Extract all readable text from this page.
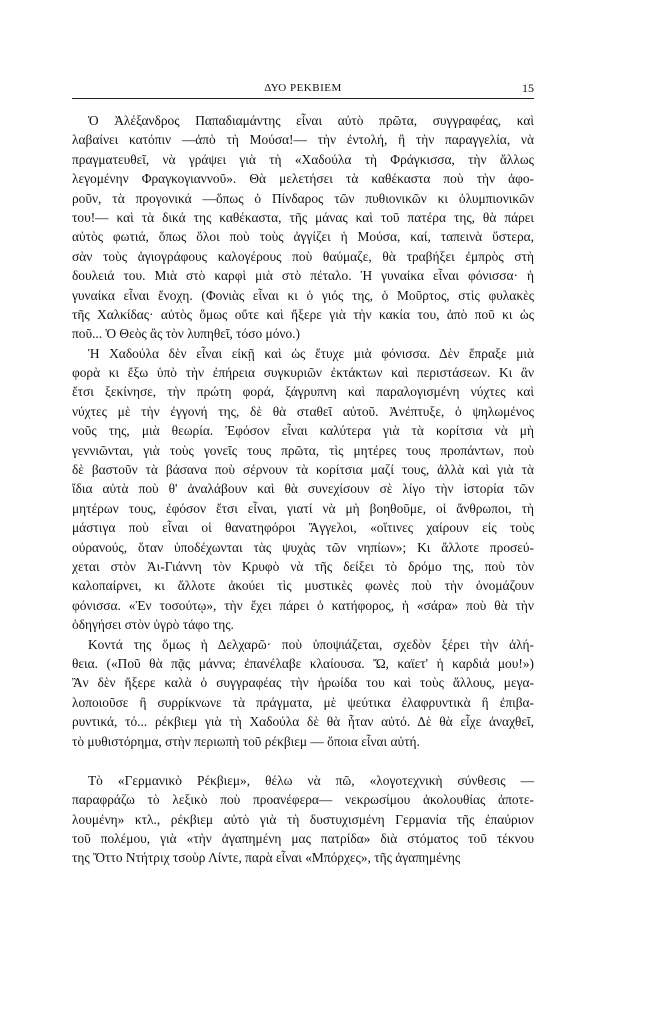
ΔΥΟ ΡΕΚΒΙΕΜ	15
Ὁ Ἀλέξανδρος Παπαδιαμάντης εἶναι αὐτὸ πρῶτα, συγγραφέας, καὶ
λαβαίνει κατόπιν —ἀπὸ τὴ Μούσα!— τὴν ἐντολή, ἢ τὴν παραγγελία, νὰ
πραγματευθεῖ, νὰ γράψει γιὰ τὴ «Χαδούλα τὴ Φράγκισσα, τὴν ἄλλως
λεγομένην Φραγκογιαννοῦ». Θὰ μελετήσει τὰ καθέκαστα ποὺ τὴν ἀφο-
ροῦν, τὰ προγονικά —ὅπως ὁ Πίνδαρος τῶν πυθιονικῶν κι ὀλυμπιονικῶν
του!— καὶ τὰ δικά της καθέκαστα, τῆς μάνας καὶ τοῦ πατέρα της, θὰ πάρει
αὐτὸς φωτιά, ὅπως ὅλοι ποὺ τοὺς ἀγγίζει ἡ Μούσα, καί, ταπεινὰ ὕστερα,
σὰν τοὺς ἁγιογράφους καλογέρους ποὺ θαύμαζε, θὰ τραβήξει ἐμπρὸς στὴ
δουλειά του. Μιὰ στὸ καρφὶ μιὰ στὸ πέταλο. Ἡ γυναίκα εἶναι φόνισσα· ἡ
γυναίκα εἶναι ἔνοχη. (Φονιὰς εἶναι κι ὁ γιός της, ὁ Μοῦρτος, στὶς φυλακὲς
τῆς Χαλκίδας· αὐτὸς ὅμως οὔτε καὶ ἤξερε γιὰ τὴν κακία του, ἀπὸ ποῦ κι ὡς
ποῦ... Ὁ Θεὸς ἂς τὸν λυπηθεῖ, τόσο μόνο.)
Ἡ Χαδούλα δὲν εἶναι εἰκῇ καὶ ὡς ἔτυχε μιὰ φόνισσα. Δὲν ἔπραξε μιὰ
φορὰ κι ἔξω ὑπὸ τὴν ἐπήρεια συγκυριῶν ἐκτάκτων καὶ περιστάσεων. Κι ἂν
ἔτσι ξεκίνησε, τὴν πρώτη φορά, ξάγρυπνη καὶ παραλογισμένη νύχτες καὶ
νύχτες μὲ τὴν ἐγγονή της, δὲ θὰ σταθεῖ αὐτοῦ. Ἀνέπτυξε, ὁ ψηλωμένος
νοῦς της, μιὰ θεωρία. Ἐφόσον εἶναι καλύτερα γιὰ τὰ κορίτσια νὰ μὴ
γεννιῶνται, γιὰ τοὺς γονεῖς τους πρῶτα, τὶς μητέρες τους προπάντων, ποὺ
δὲ βαστοῦν τὰ βάσανα ποὺ σέρνουν τὰ κορίτσια μαζί τους, ἀλλὰ καὶ γιὰ τὰ
ἴδια αὐτὰ ποὺ θ' ἀναλάβουν καὶ θὰ συνεχίσουν σὲ λίγο τὴν ἱστορία τῶν
μητέρων τους, ἐφόσον ἔτσι εἶναι, γιατί νὰ μὴ βοηθοῦμε, οἱ ἄνθρωποι, τὴ
μάστιγα ποὺ εἶναι οἱ θανατηφόροι Ἄγγελοι, «οἵτινες χαίρουν εἰς τοὺς
οὐρανούς, ὅταν ὑποδέχωνται τὰς ψυχὰς τῶν νηπίων»; Κι ἄλλοτε προσεύ-
χεται στὸν Ἀι-Γιάννη τὸν Κρυφὸ νὰ τῆς δείξει τὸ δρόμο της, ποὺ τὸν
καλοπαίρνει, κι ἄλλοτε ἀκούει τὶς μυστικὲς φωνὲς ποὺ τὴν ὀνομάζουν
φόνισσα. «Ἐν τοσούτῳ», τὴν ἔχει πάρει ὁ κατήφορος, ἡ «σάρα» ποὺ θὰ τὴν
ὁδηγήσει στὸν ὑγρὸ τάφο της.
Κοντά της ὅμως ἡ Δελχαρῶ· ποὺ ὑποψιάζεται, σχεδὸν ξέρει τὴν ἀλή-
θεια. («Ποῦ θὰ πᾷς μάννα; ἐπανέλαβε κλαίουσα. Ὤ, καϊετ' ἡ καρδιά μου!»)
Ἂν δὲν ἤξερε καλὰ ὁ συγγραφέας τὴν ἡρωίδα του καὶ τοὺς ἄλλους, μεγα-
λοποιοῦσε ἢ συρρίκνωνε τὰ πράγματα, μὲ ψεύτικα ἐλαφρυντικὰ ἢ ἐπιβα-
ρυντικά, τό... ρέκβιεμ γιὰ τὴ Χαδούλα δὲ θὰ ἦταν αὐτό. Δὲ θὰ εἶχε ἀναχθεῖ,
τὸ μυθιστόρημα, στὴν περιωπὴ τοῦ ρέκβιεμ — ὅποια εἶναι αὐτή.
Τὸ «Γερμανικὸ Ρέκβιεμ», θέλω νὰ πῶ, «λογοτεχνικὴ σύνθεσις —
παραφράζω τὸ λεξικὸ ποὺ προανέφερα— νεκρωσίμου ἀκολουθίας ἀποτε-
λουμένη» κτλ., ρέκβιεμ αὐτὸ γιὰ τὴ δυστυχισμένη Γερμανία τῆς ἐπαύριον
τοῦ πολέμου, γιὰ «τὴν ἀγαπημένη μας πατρίδα» διὰ στόματος τοῦ τέκνου
της Ὄττο Ντήτριχ τσοὺρ Λίντε, παρὰ εἶναι «Μπόρχες», τῆς ἀγαπημένης
